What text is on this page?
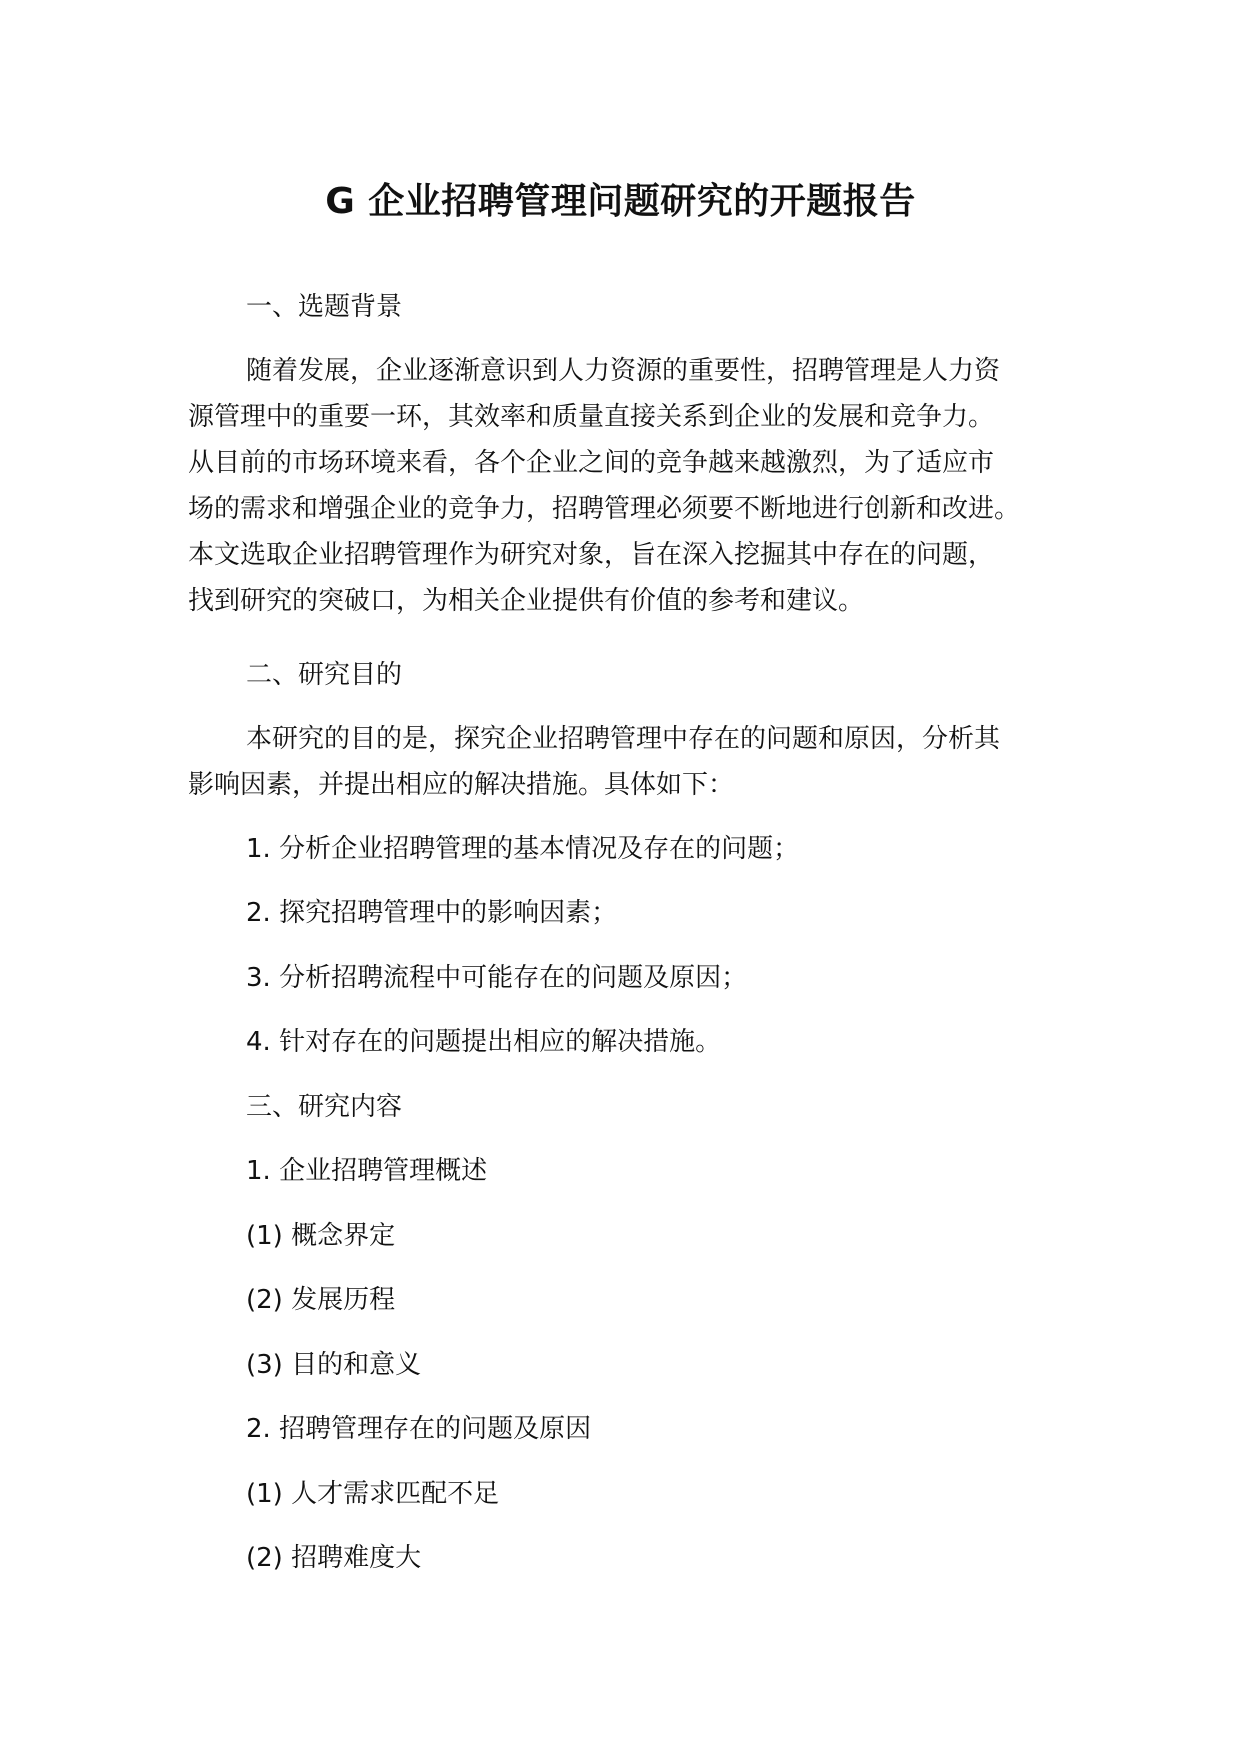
G 企业招聘管理问题研究的开题报告
一、选题背景
随着发展，企业逐渐意识到人力资源的重要性，招聘管理是人力资
源管理中的重要一环，其效率和质量直接关系到企业的发展和竞争力。
从目前的市场环境来看，各个企业之间的竞争越来越激烈，为了适应市
场的需求和增强企业的竞争力，招聘管理必须要不断地进行创新和改进。
本文选取企业招聘管理作为研究对象，旨在深入挖掘其中存在的问题，
找到研究的突破口，为相关企业提供有价值的参考和建议。
二、研究目的
本研究的目的是，探究企业招聘管理中存在的问题和原因，分析其
影响因素，并提出相应的解决措施。具体如下：
1. 分析企业招聘管理的基本情况及存在的问题；
2. 探究招聘管理中的影响因素；
3. 分析招聘流程中可能存在的问题及原因；
4. 针对存在的问题提出相应的解决措施。
三、研究内容
1. 企业招聘管理概述
(1) 概念界定
(2) 发展历程
(3) 目的和意义
2. 招聘管理存在的问题及原因
(1) 人才需求匹配不足
(2) 招聘难度大
